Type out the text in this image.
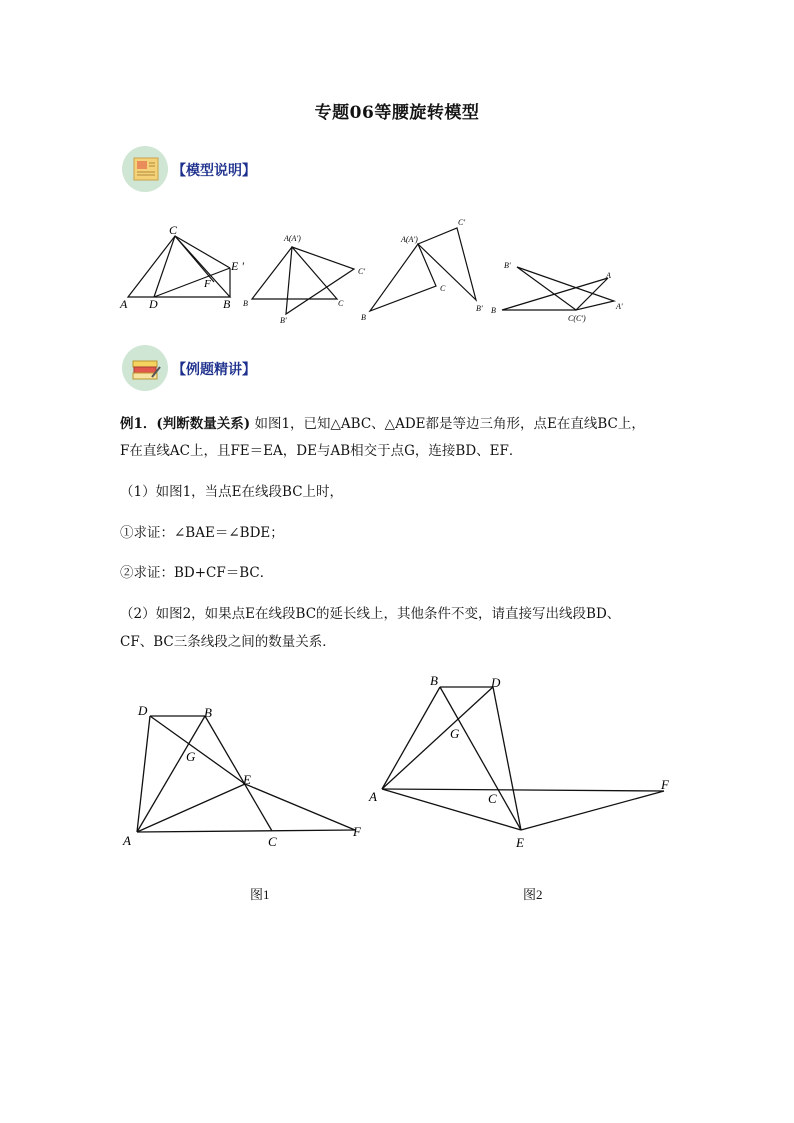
专题06等腰旋转模型
【模型说明】
C
E '
F
A D	B
A(A')
C'
B	C
B'
A(A')
C'
C
B
B'
B'
A
A'
B
C(C')
【例题精讲】
例1．(判断数量关系) 如图1，已知△ABC、△ADE都是等边三角形，点E在直线BC上，
F在直线AC上，且FE＝EA，DE与AB相交于点G，连接BD、EF．
（1）如图1，当点E在线段BC上时，
①求证：∠BAE＝∠BDE；
②求证：BD+CF＝BC．
（2）如图2，如果点E在线段BC的延长线上，其他条件不变，请直接写出线段BD、
CF、BC三条线段之间的数量关系．
D	B
G
E
A	C
F
图1
B	D
G
A	C
F
E
图2
